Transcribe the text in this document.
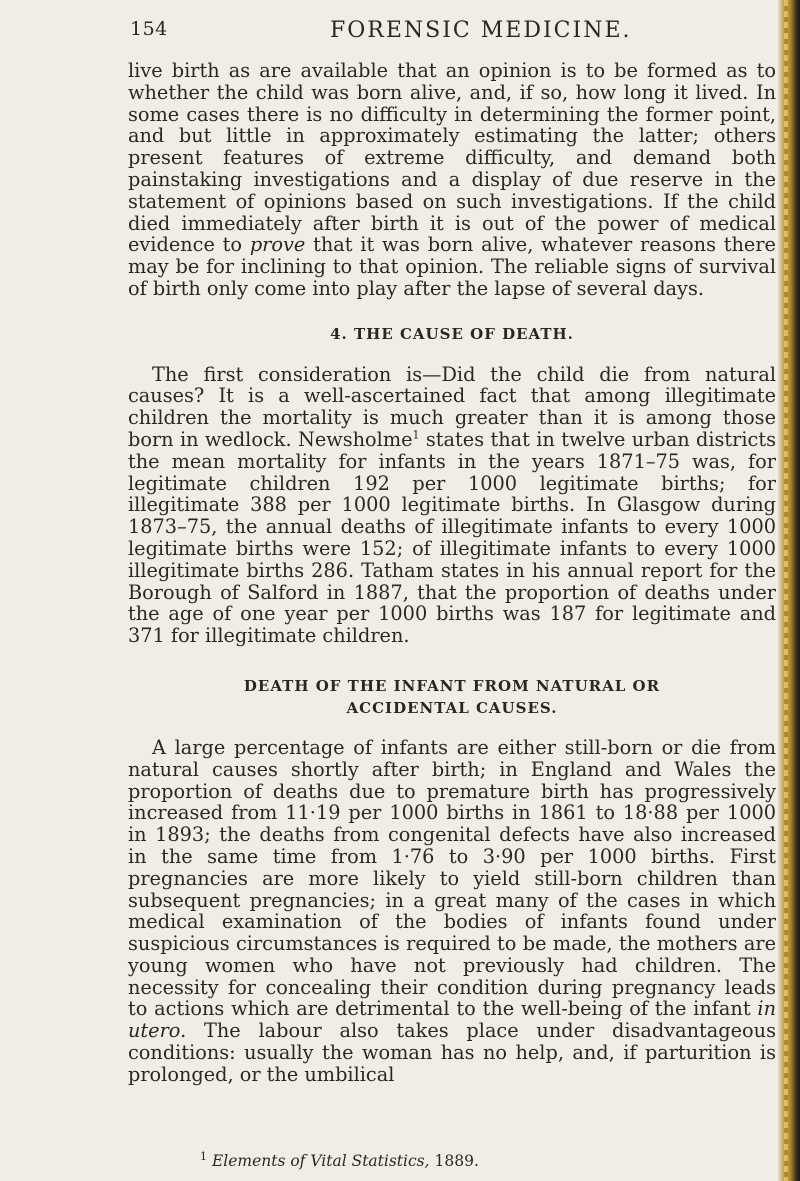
154	FORENSIC MEDICINE.

live birth as are available that an opinion is to be formed as to whether the child was born alive, and, if so, how long it lived. In some cases there is no difficulty in determining the former point, and but little in approximately estimating the latter; others present features of extreme difficulty, and demand both painstaking investigations and a display of due reserve in the statement of opinions based on such investigations. If the child died immediately after birth it is out of the power of medical evidence to prove that it was born alive, whatever reasons there may be for inclining to that opinion. The reliable signs of survival of birth only come into play after the lapse of several days.

4. THE CAUSE OF DEATH.

The first consideration is—Did the child die from natural causes? It is a well-ascertained fact that among illegitimate children the mortality is much greater than it is among those born in wedlock. Newsholme$^1$ states that in twelve urban districts the mean mortality for infants in the years 1871–75 was, for legitimate children 192 per 1000 legitimate births; for illegitimate 388 per 1000 legitimate births. In Glasgow during 1873–75, the annual deaths of illegitimate infants to every 1000 legitimate births were 152; of illegitimate infants to every 1000 illegitimate births 286. Tatham states in his annual report for the Borough of Salford in 1887, that the proportion of deaths under the age of one year per 1000 births was 187 for legitimate and 371 for illegitimate children.

DEATH OF THE INFANT FROM NATURAL OR
ACCIDENTAL CAUSES.

A large percentage of infants are either still-born or die from natural causes shortly after birth; in England and Wales the proportion of deaths due to premature birth has progressively increased from 11·19 per 1000 births in 1861 to 18·88 per 1000 in 1893; the deaths from congenital defects have also increased in the same time from 1·76 to 3·90 per 1000 births. First pregnancies are more likely to yield still-born children than subsequent pregnancies; in a great many of the cases in which medical examination of the bodies of infants found under suspicious circumstances is required to be made, the mothers are young women who have not previously had children. The necessity for concealing their condition during pregnancy leads to actions which are detrimental to the well-being of the infant in utero. The labour also takes place under disadvantageous conditions: usually the woman has no help, and, if parturition is prolonged, or the umbilical

$^1$ Elements of Vital Statistics, 1889.
